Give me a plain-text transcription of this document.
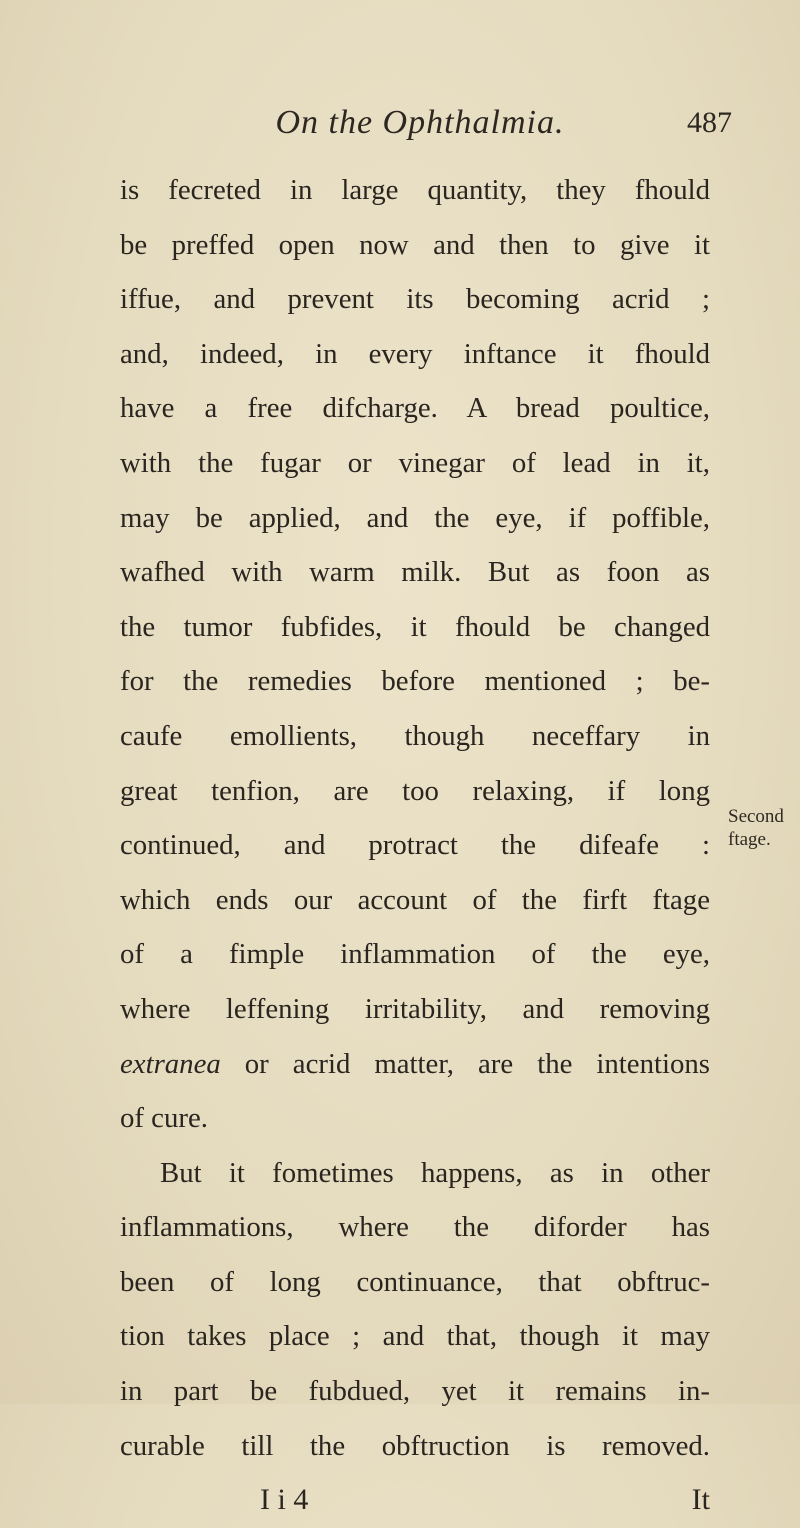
On the Ophthalmia.	487
is fecreted in large quantity, they fhould
be preffed open now and then to give it
iffue, and prevent its becoming acrid ;
and, indeed, in every inftance it fhould
have a free difcharge. A bread poultice,
with the fugar or vinegar of lead in it,
may be applied, and the eye, if poffible,
wafhed with warm milk. But as foon as
the tumor fubfides, it fhould be changed
for the remedies before mentioned ; be-
caufe emollients, though neceffary in
great tenfion, are too relaxing, if long
continued, and protract the difeafe :
which ends our account of the firft ftage
of a fimple inflammation of the eye,
where leffening irritability, and removing
extranea or acrid matter, are the intentions
of cure.
But it fometimes happens, as in other
inflammations, where the diforder has
been of long continuance, that obftruc-
tion takes place ; and that, though it may
in part be fubdued, yet it remains in-
curable till the obftruction is removed.
I i 4	It
Second
ftage.
